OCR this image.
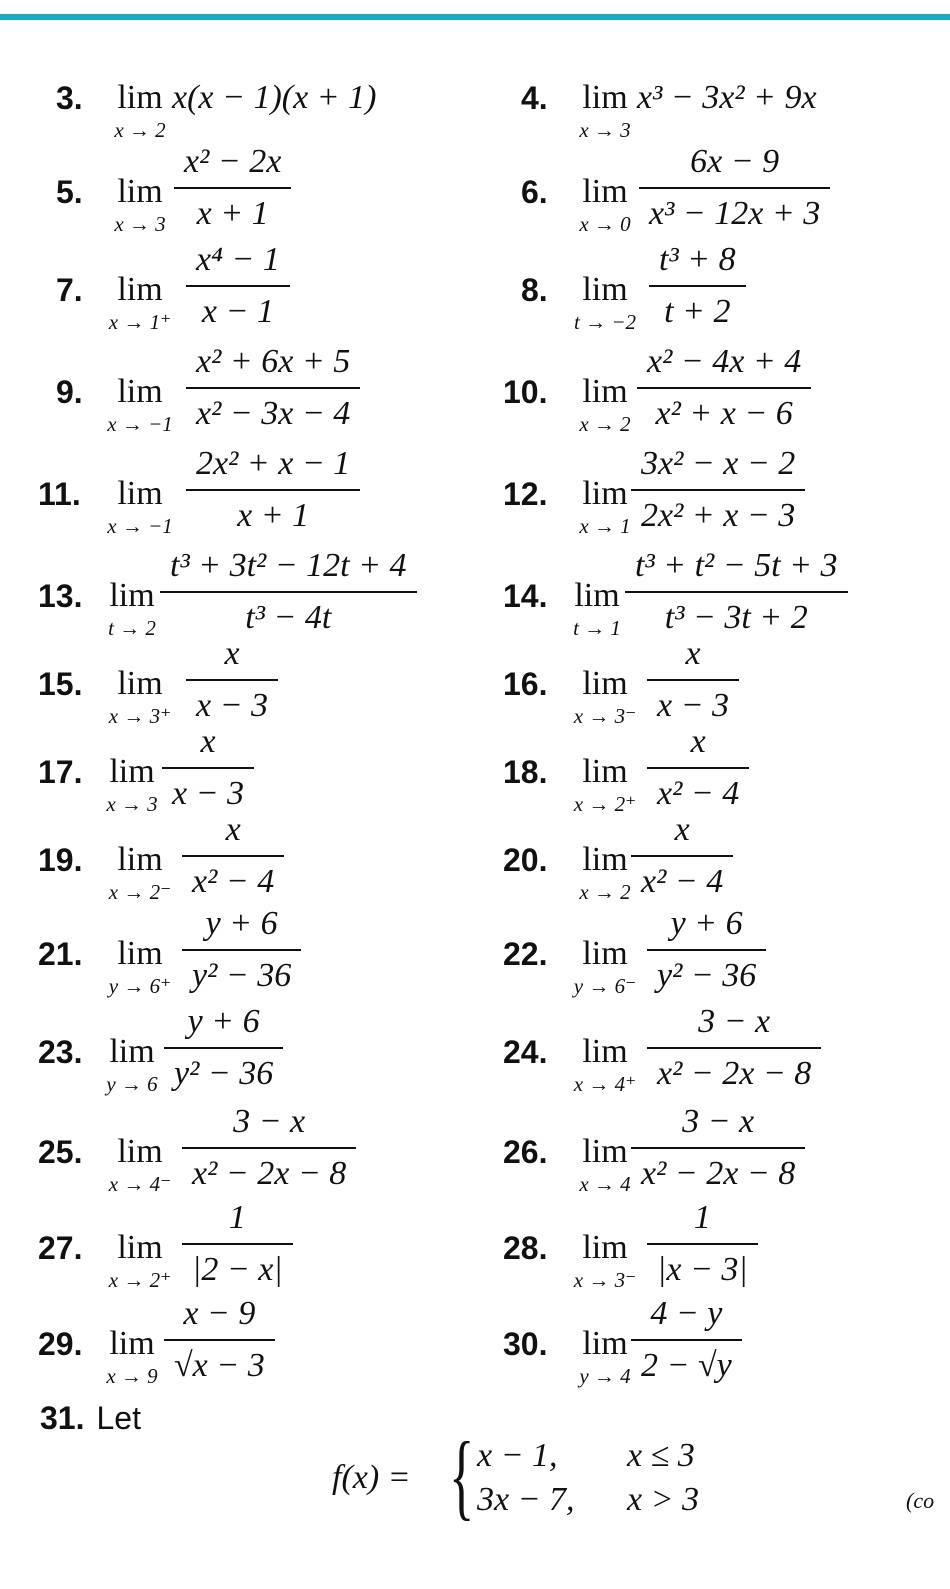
3.	lim
x → 2
x(x − 1)(x + 1)	4.	lim
x → 3
x³ − 3x² + 9x
5.	lim
$x \to 3 \frac{\text{x² − 2x}}{x + 1}$	6.	lim
$x \to 0 \frac{6x - 9}{\text{x³ − 12x + 3}}$
7.	lim
$x \to 1^+ \frac{\text{x⁴ − 1}}{x - 1}$	8.	lim
$t \to -2 \frac{\text{t³ + 8}}{t + 2}$
9.	lim
$x \to -1 \frac{\text{x² + 6x + 5}}{\text{x² − 3x − 4}}$	10.	lim
$x \to 2 \frac{\text{x² − 4x + 4}}{\text{x² + x − 6}}$
11.	lim
$x \to -1 \frac{\text{2x² + x − 1}}{x + 1}$	12.	lim
$x \to 1 \frac{\text{3x² − x − 2}}{\text{2x² + x − 3}}$
13. lim
$t \to 2 \frac{\text{t³ + 3t² − 12t + 4}}{\text{t³ − 4t}}$	14. lim
$t \to 1 \frac{\text{t³ + t² − 5t + 3}}{\text{t³ − 3t + 2}}$
15.	lim
$x \to 3^+ \frac{x}{x - 3}$	16.	lim
$x \to 3^- \frac{x}{x - 3}$
17. lim
$x \to 3 \frac{x}{x - 3}$	18.	lim
$x \to 2^+ \frac{x}{\text{x² − 4}}$
19.	lim
$x \to 2^- \frac{x}{\text{x² − 4}}$	20.	lim
$x \to 2 \frac{x}{\text{x² − 4}}$
21.	lim
$y \to 6^+ \frac{y + 6}{\text{y² − 36}}$	22.	lim
$y \to 6^- \frac{y + 6}{\text{y² − 36}}$
23. lim
$y \to 6 \frac{y + 6}{\text{y² − 36}}$	24.	lim
$x \to 4^+ \frac{3 - x}{\text{x² − 2x − 8}}$
25.	lim
$x \to 4^- \frac{3 - x}{\text{x² − 2x − 8}}$	26.	lim
$x \to 4 \frac{3 - x}{\text{x² − 2x − 8}}$
27.	lim
$x \to 2^+ \frac{1}{|2 - x|}$	28.	lim
$x \to 3^- \frac{1}{|x - 3|}$
29. lim
$x \to 9 \frac{x - 9}{√x - 3}$	30.	lim
$y \to 4 \frac{4 - y}{2 - √y}$
31. Let
f(x) = { x − 1, x ≤ 3
3x − 7, x > 3	(co
